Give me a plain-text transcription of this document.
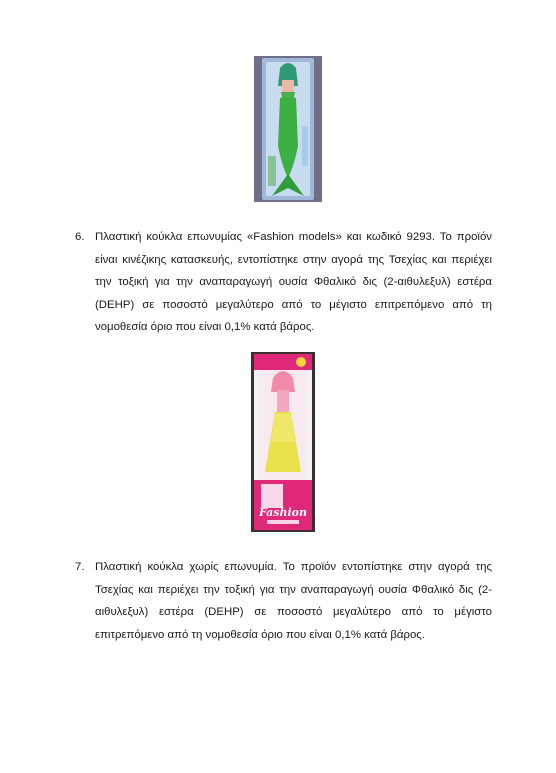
6. Πλαστική κούκλα επωνυμίας «Fashion models» και κωδικό 9293. Το προϊόν είναι κινέζικης κατασκευής, εντοπίστηκε στην αγορά της Τσεχίας και περιέχει την τοξική για την αναπαραγωγή ουσία Φθαλικό δις (2-αιθυλεξυλ) εστέρα (DEHP) σε ποσοστό μεγαλύτερο από το μέγιστο επιτρεπόμενο από τη νομοθεσία όριο που είναι 0,1% κατά βάρος.
Fashion
7. Πλαστική κούκλα χωρίς επωνυμία. Το προϊόν εντοπίστηκε στην αγορά της Τσεχίας και περιέχει την τοξική για την αναπαραγωγή ουσία Φθαλικό δις (2-αιθυλεξυλ) εστέρα (DEHP) σε ποσοστό μεγαλύτερο από το μέγιστο επιτρεπόμενο από τη νομοθεσία όριο που είναι 0,1% κατά βάρος.
